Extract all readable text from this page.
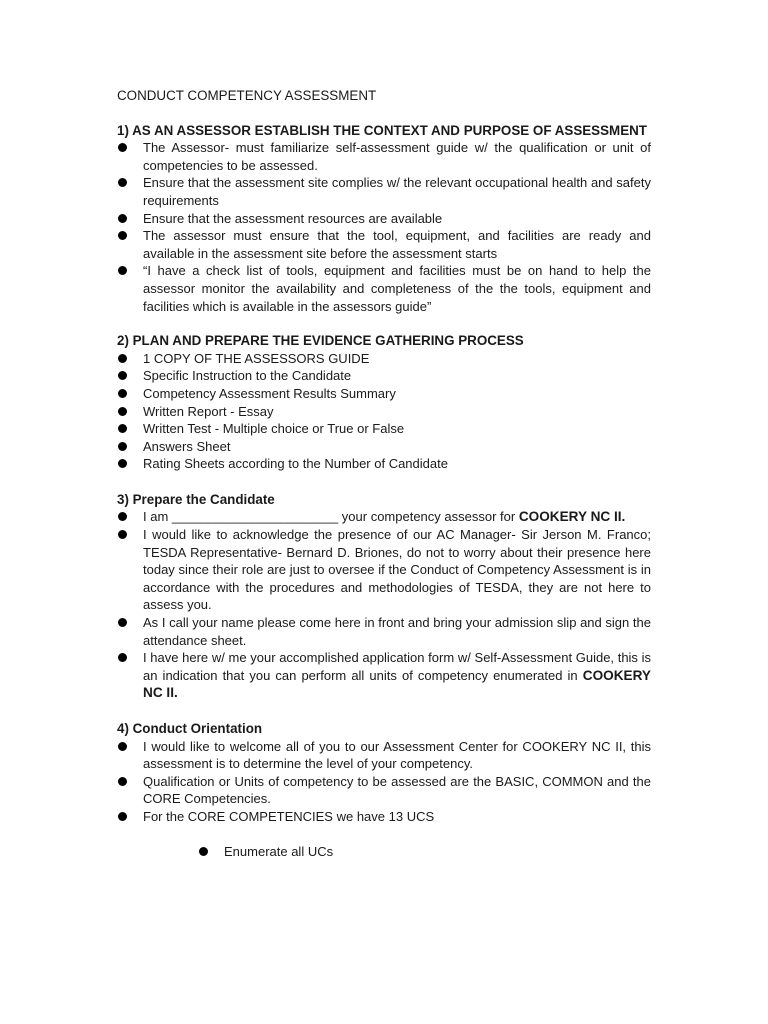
CONDUCT COMPETENCY ASSESSMENT
1) AS AN ASSESSOR ESTABLISH THE CONTEXT AND PURPOSE OF ASSESSMENT
The Assessor- must familiarize self-assessment guide w/ the qualification or unit of competencies to be assessed.
Ensure that the assessment site complies w/ the relevant occupational health and safety requirements
Ensure that the assessment resources are available
The assessor must ensure that the tool, equipment, and facilities are ready and available in the assessment site before the assessment starts
“I have a check list of tools, equipment and facilities must be on hand to help the assessor monitor the availability and completeness of the the tools, equipment and facilities which is available in the assessors guide”
2) PLAN AND PREPARE THE EVIDENCE GATHERING PROCESS
1 COPY OF THE ASSESSORS GUIDE
Specific Instruction to the Candidate
Competency Assessment Results Summary
Written Report - Essay
Written Test - Multiple choice or True or False
Answers Sheet
Rating Sheets according to the Number of Candidate
3) Prepare the Candidate
I am _______________________ your competency assessor for COOKERY NC II.
I would like to acknowledge the presence of our AC Manager- Sir Jerson M. Franco; TESDA Representative- Bernard D. Briones, do not to worry about their presence here today since their role are just to oversee if the Conduct of Competency Assessment is in accordance with the procedures and methodologies of TESDA, they are not here to assess you.
As I call your name please come here in front and bring your admission slip and sign the attendance sheet.
I have here w/ me your accomplished application form w/ Self-Assessment Guide, this is an indication that you can perform all units of competency enumerated in COOKERY NC II.
4) Conduct Orientation
I would like to welcome all of you to our Assessment Center for COOKERY NC II, this assessment is to determine the level of your competency.
Qualification or Units of competency to be assessed are the BASIC, COMMON and the CORE Competencies.
For the CORE COMPETENCIES we have 13 UCS
Enumerate all UCs
